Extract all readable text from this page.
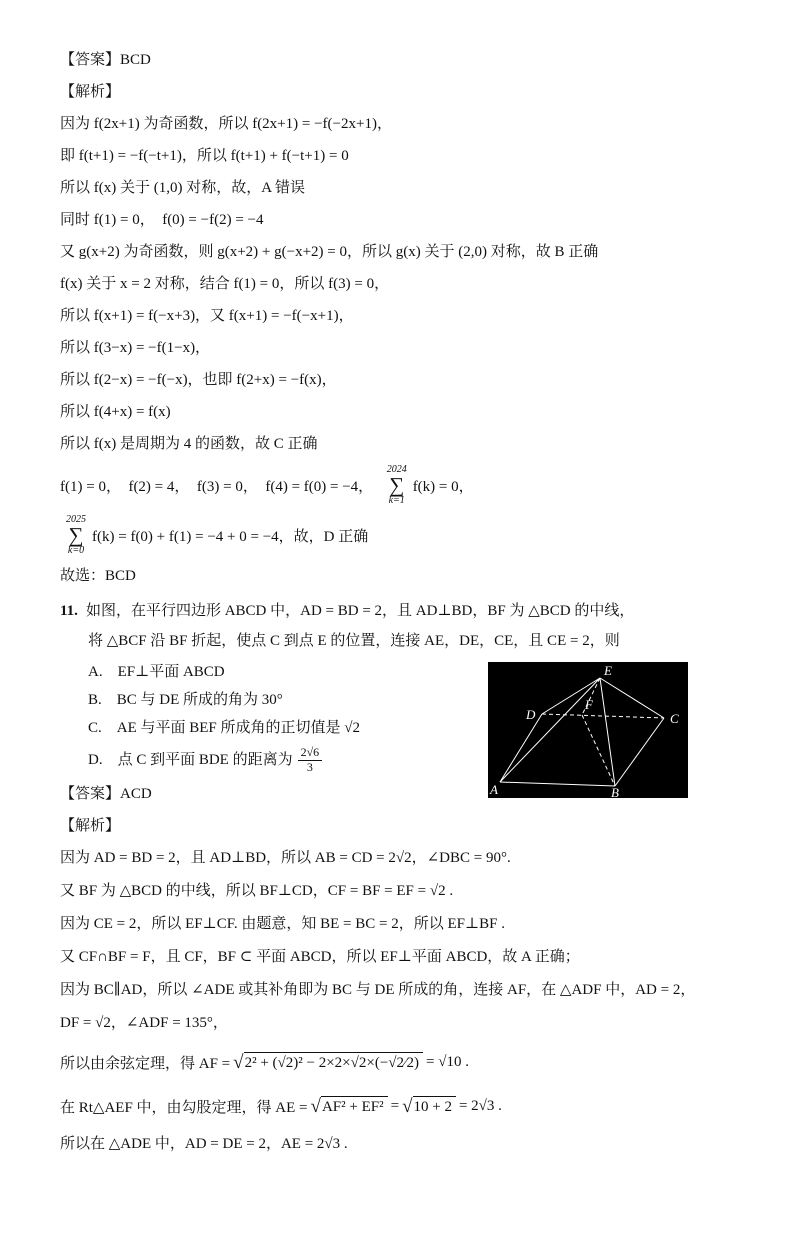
【答案】BCD
【解析】
因为 f(2x+1) 为奇函数，所以 f(2x+1) = −f(−2x+1)，
即 f(t+1) = −f(−t+1)，所以 f(t+1) + f(−t+1) = 0
所以 f(x) 关于 (1,0) 对称，故，A 错误
同时 f(1) = 0，　f(0) = −f(2) = −4
又 g(x+2) 为奇函数，则 g(x+2) + g(−x+2) = 0，所以 g(x) 关于 (2,0) 对称，故 B 正确
f(x) 关于 x = 2 对称，结合 f(1) = 0，所以 f(3) = 0，
所以 f(x+1) = f(−x+3)，又 f(x+1) = −f(−x+1)，
所以 f(3−x) = −f(1−x)，
所以 f(2−x) = −f(−x)，也即 f(2+x) = −f(x)，
所以 f(4+x) = f(x)
所以 f(x) 是周期为 4 的函数，故 C 正确
f(1) = 0，　f(2) = 4，　f(3) = 0，　f(4) = f(0) = −4，　
2024
∑
k=1
f(k) = 0，
2025
∑
k=0
f(k) = f(0) + f(1) = −4 + 0 = −4，故，D 正确
故选：BCD
11. 如图，在平行四边形 ABCD 中，AD = BD = 2，且 AD⊥BD，BF 为 △BCD 的中线，
将 △BCF 沿 BF 折起，使点 C 到点 E 的位置，连接 AE，DE，CE，且 CE = 2，则
A.　EF⊥平面 ABCD
B.　BC 与 DE 所成的角为 30°
C.　AE 与平面 BEF 所成角的正切值是 √2
D.　点 C 到平面 BDE 的距离为 $\frac{2√6}{3}$
【答案】ACD
【解析】
因为 AD = BD = 2，且 AD⊥BD，所以 AB = CD = 2√2，∠DBC = 90°.
又 BF 为 △BCD 的中线，所以 BF⊥CD，CF = BF = EF = √2 .
因为 CE = 2，所以 EF⊥CF. 由题意，知 BE = BC = 2，所以 EF⊥BF .
又 CF∩BF = F，且 CF，BF ⊂ 平面 ABCD，所以 EF⊥平面 ABCD，故 A 正确；
因为 BC∥AD，所以 ∠ADE 或其补角即为 BC 与 DE 所成的角，连接 AF，在 △ADF 中，AD = 2，
DF = √2，∠ADF = 135°，
所以由余弦定理，得 AF = √ 2² + (√2)² − 2×2×√2×(−√2⁄2) = √10 .
在 Rt△AEF 中，由勾股定理，得 AE = √ AF² + EF² = √ 10 + 2 = 2√3 .
所以在 △ADE 中，AD = DE = 2，AE = 2√3 .
A	B
C
D
E
F
